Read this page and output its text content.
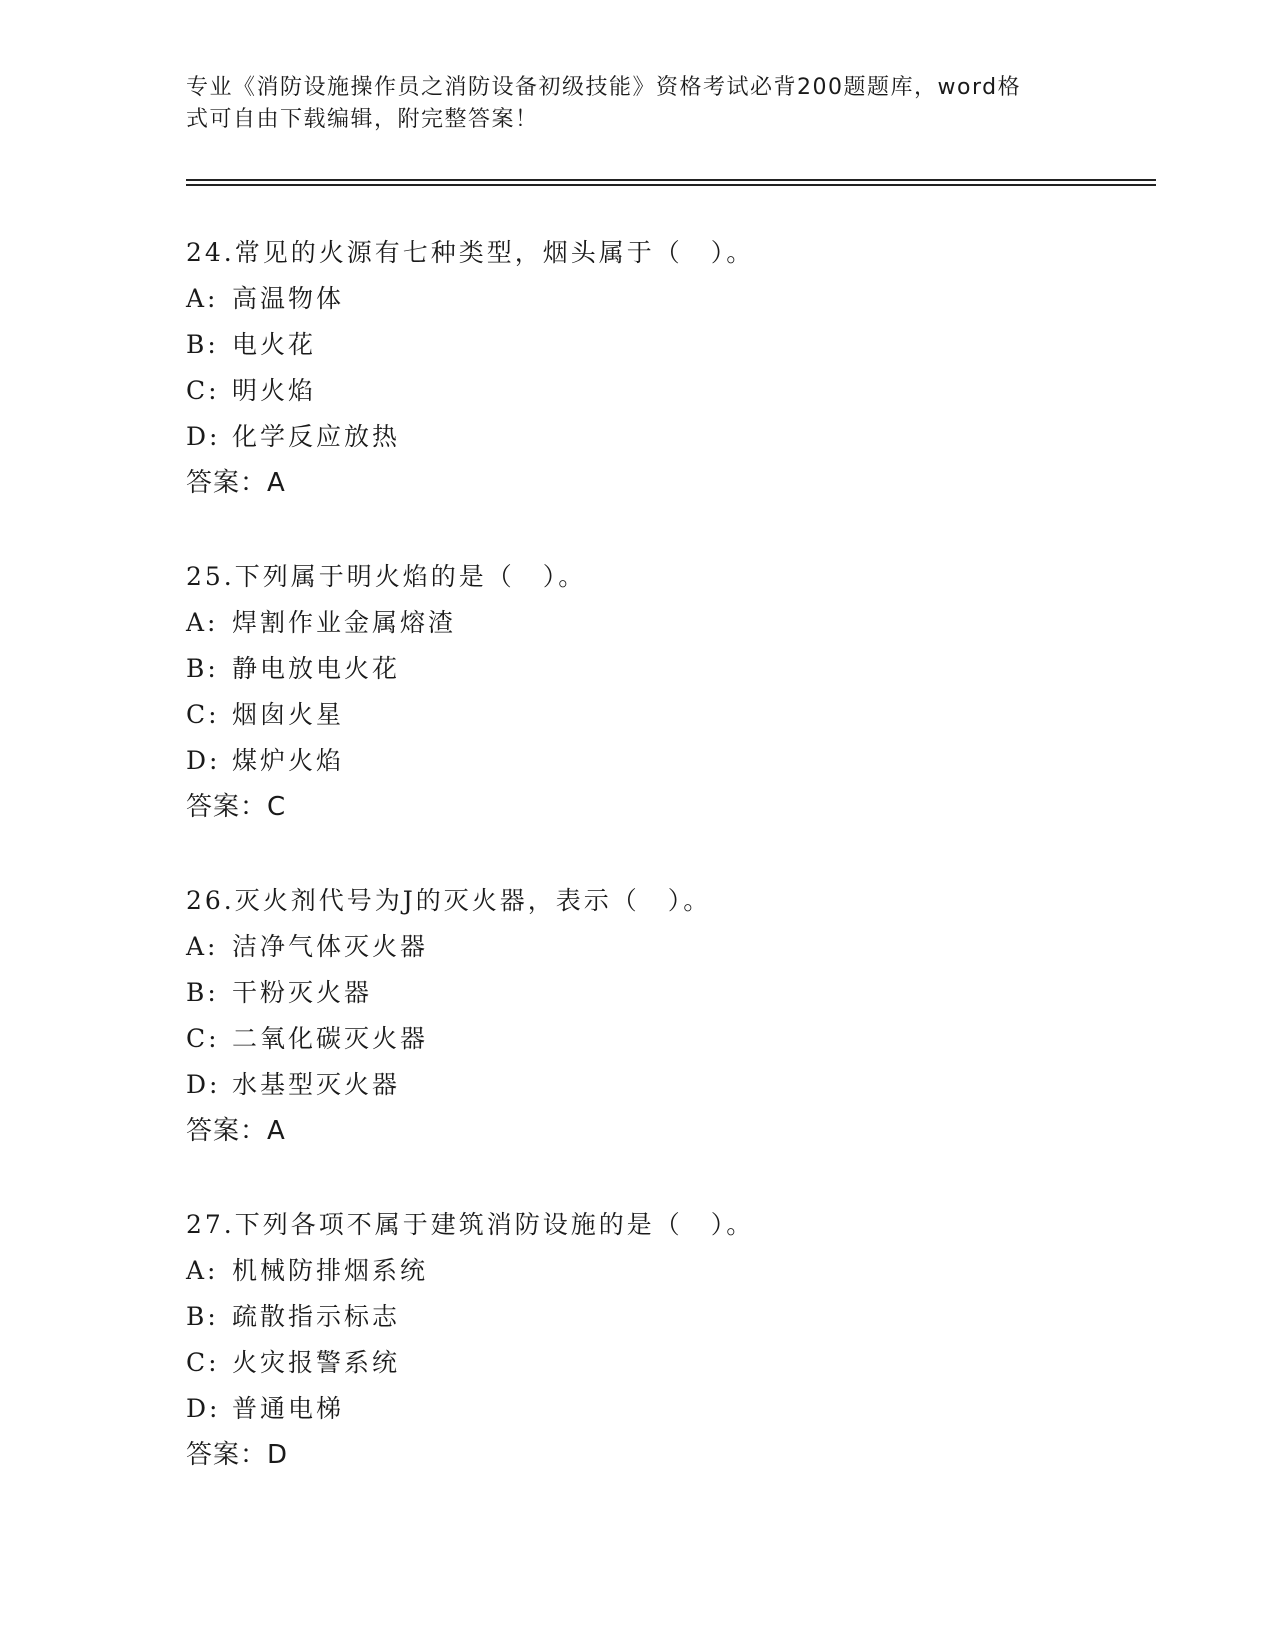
专业《消防设施操作员之消防设备初级技能》资格考试必背200题题库，word格
式可自由下载编辑，附完整答案！
24.常见的火源有七种类型，烟头属于（　）。
A: 高温物体
B: 电火花
C: 明火焰
D: 化学反应放热
答案：A
25.下列属于明火焰的是（　）。
A: 焊割作业金属熔渣
B: 静电放电火花
C: 烟囱火星
D: 煤炉火焰
答案：C
26.灭火剂代号为J的灭火器，表示（　）。
A: 洁净气体灭火器
B: 干粉灭火器
C: 二氧化碳灭火器
D: 水基型灭火器
答案：A
27.下列各项不属于建筑消防设施的是（　）。
A: 机械防排烟系统
B: 疏散指示标志
C: 火灾报警系统
D: 普通电梯
答案：D
